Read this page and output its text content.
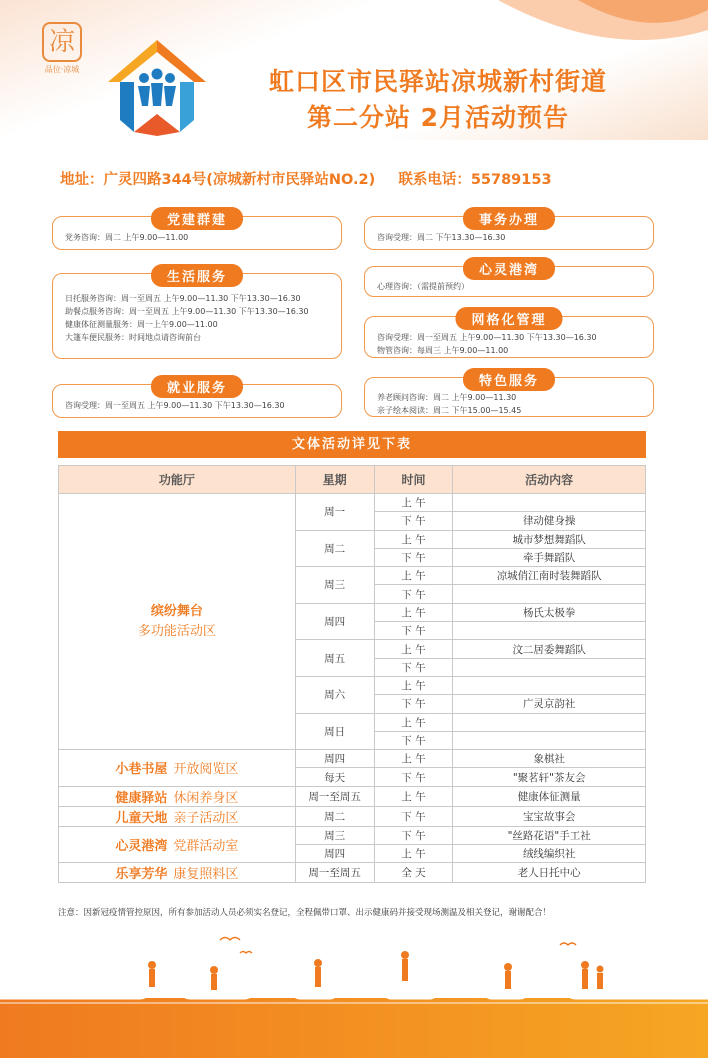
凉
品位·凉城	虹口区市民驿站凉城新村街道
第二分站 2月活动预告
地址：广灵四路344号(凉城新村市民驿站NO.2) 联系电话：55789153
党建群建
党务咨询：周二 上午9.00—11.00
生活服务
日托服务咨询：周一至周五 上午9.00—11.30 下午13.30—16.30
助餐点服务咨询：周一至周五 上午9.00—11.30 下午13.30—16.30
健康体征测量服务：周一上午9.00—11.00
大篷车便民服务：时间地点请咨询前台
就业服务
咨询受理：周一至周五 上午9.00—11.30 下午13.30—16.30
事务办理
咨询受理：周二 下午13.30—16.30
心灵港湾
心理咨询：（需提前预约）
网格化管理
咨询受理：周一至周五 上午9.00—11.30 下午13.30—16.30
物管咨询：每周三 上午9.00—11.00
特色服务
养老顾问咨询：周二 上午9.00—11.30
亲子绘本阅读：周二 下午15.00—15.45
文体活动详见下表
功能厅	星期	时间	活动内容

缤纷舞台
多功能活动区	周一	上 午	
		下 午	律动健身操
	周二	上 午	城市梦想舞蹈队
		下 午	牵手舞蹈队
	周三	上 午	凉城俏江南时装舞蹈队
		下 午	
	周四	上 午	杨氏太极拳
		下 午	
	周五	上 午	汶二居委舞蹈队
		下 午	
	周六	上 午	
		下 午	广灵京韵社
	周日	上 午	
		下 午	
小巷书屋 开放阅览区	周四	上 午	象棋社
	每天	下 午	"聚茗轩"茶友会
健康驿站 休闲养身区	周一至周五	上 午	健康体征测量
儿童天地 亲子活动区	周二	下 午	宝宝故事会
心灵港湾 党群活动室	周三	下 午	"丝路花语"手工社
	周四	上 午	绒线编织社
乐享芳华 康复照料区	周一至周五	全 天	老人日托中心
注意：因新冠疫情管控原因，所有参加活动人员必须实名登记，全程佩带口罩、出示健康码并接受现场测温及相关登记，谢谢配合！
